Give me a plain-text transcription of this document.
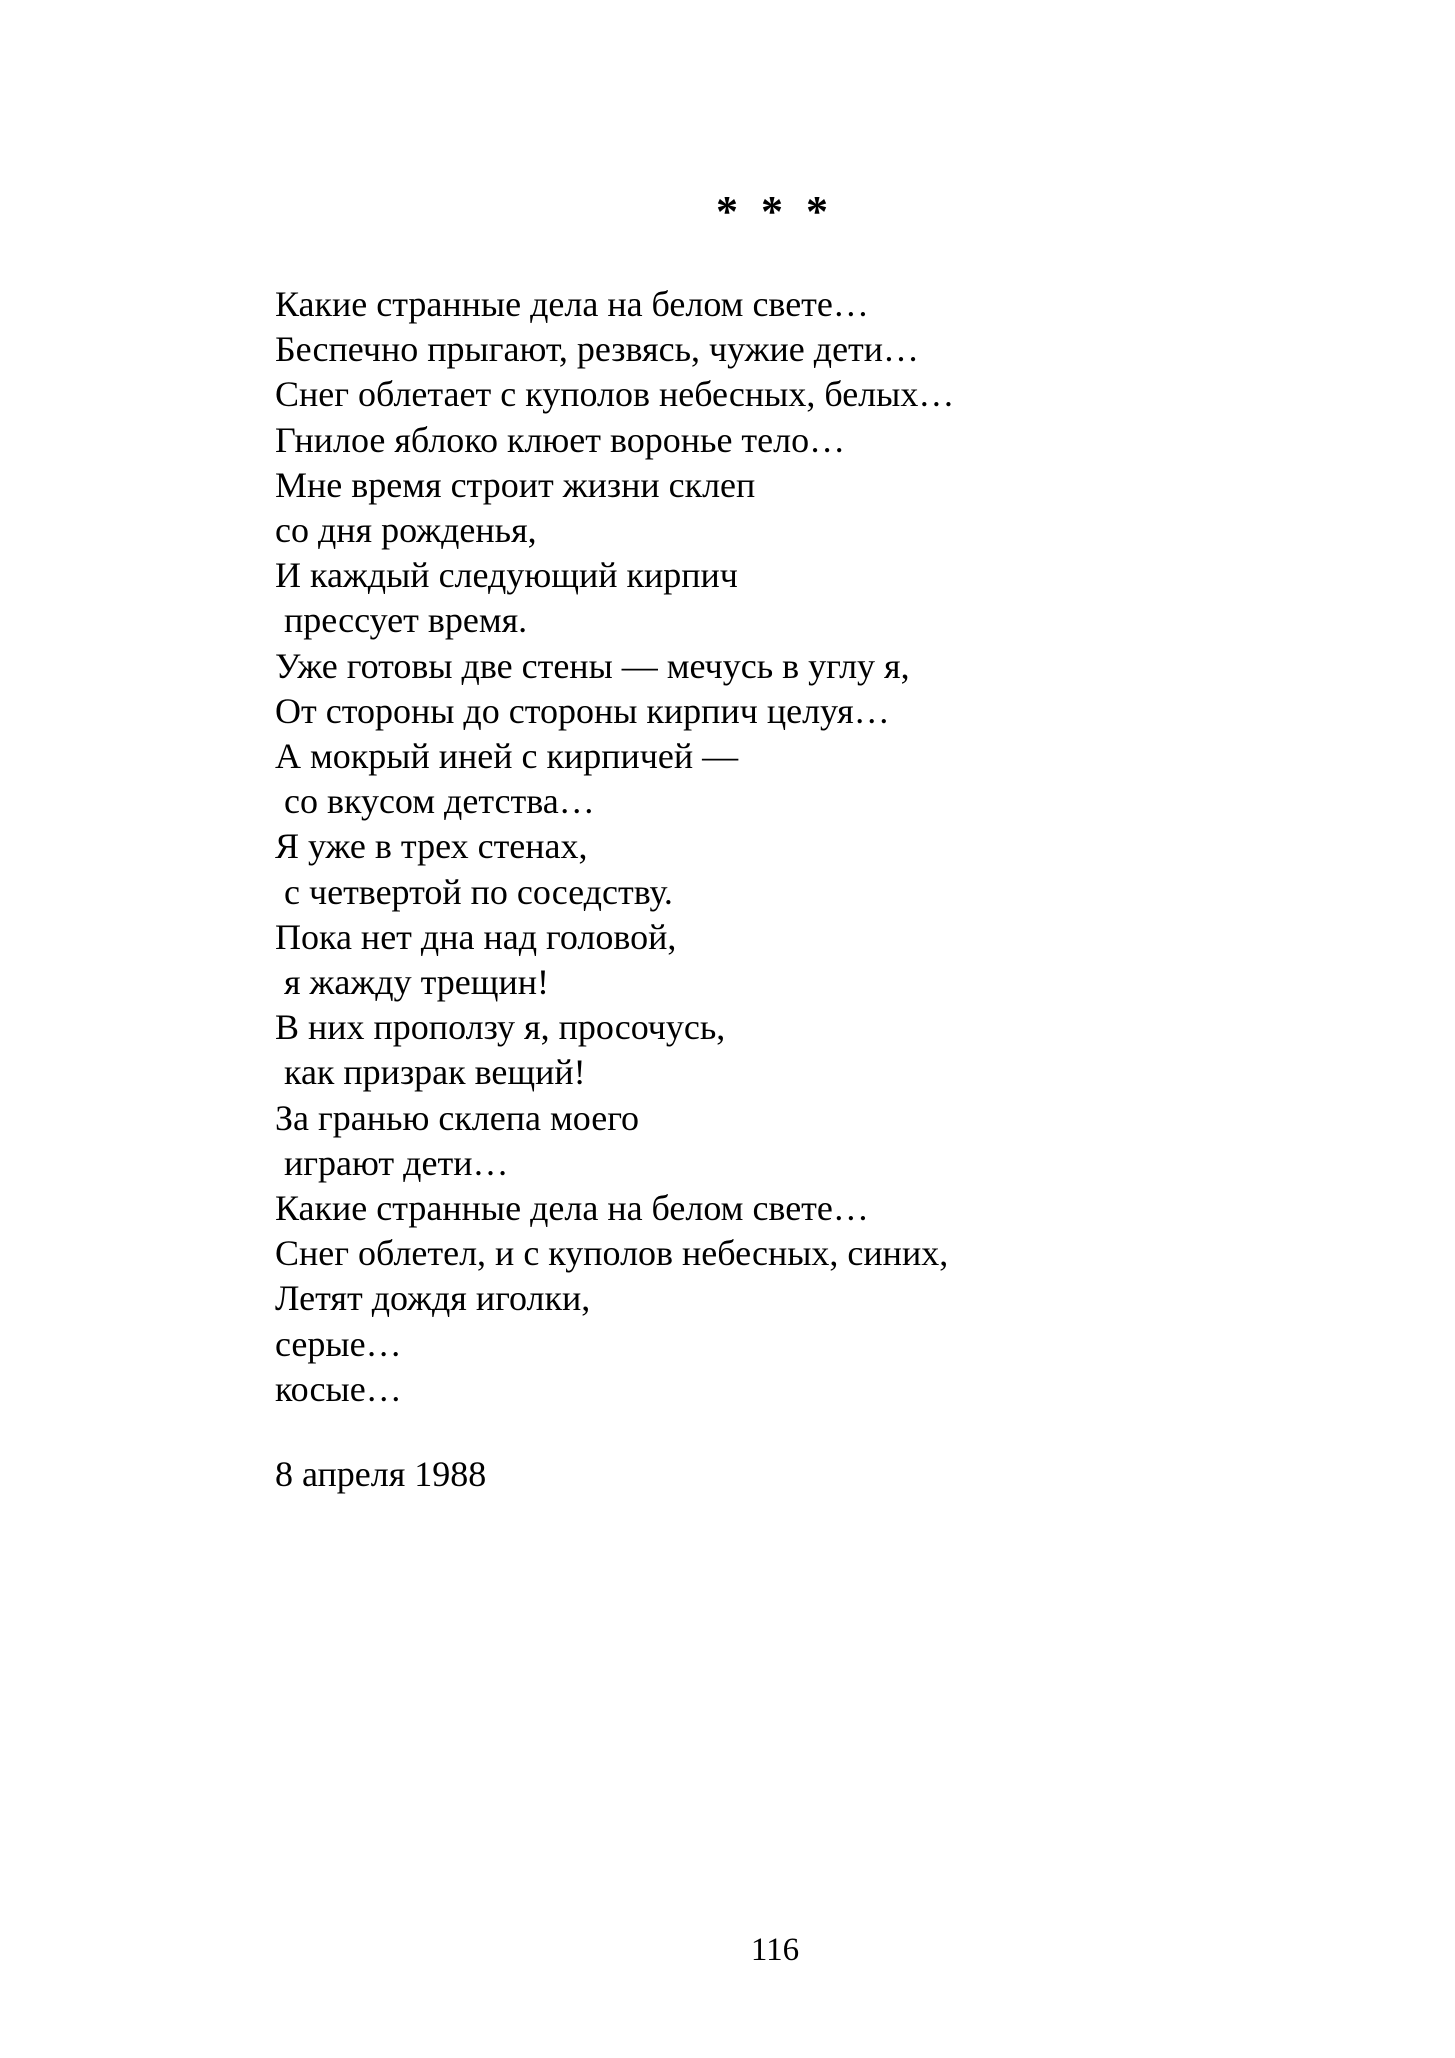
* * *
Какие странные дела на белом свете…
Беспечно прыгают, резвясь, чужие дети…
Снег облетает с куполов небесных, белых…
Гнилое яблоко клюет воронье тело…
Мне время строит жизни склеп
со дня рожденья,
И каждый следующий кирпич
прессует время.
Уже готовы две стены — мечусь в углу я,
От стороны до стороны кирпич целуя…
А мокрый иней с кирпичей —
со вкусом детства…
Я уже в трех стенах,
с четвертой по соседству.
Пока нет дна над головой,
я жажду трещин!
В них проползу я, просочусь,
как призрак вещий!
За гранью склепа моего
играют дети…
Какие странные дела на белом свете…
Снег облетел, и с куполов небесных, синих,
Летят дождя иголки,
серые…
косые…
8 апреля 1988
116
